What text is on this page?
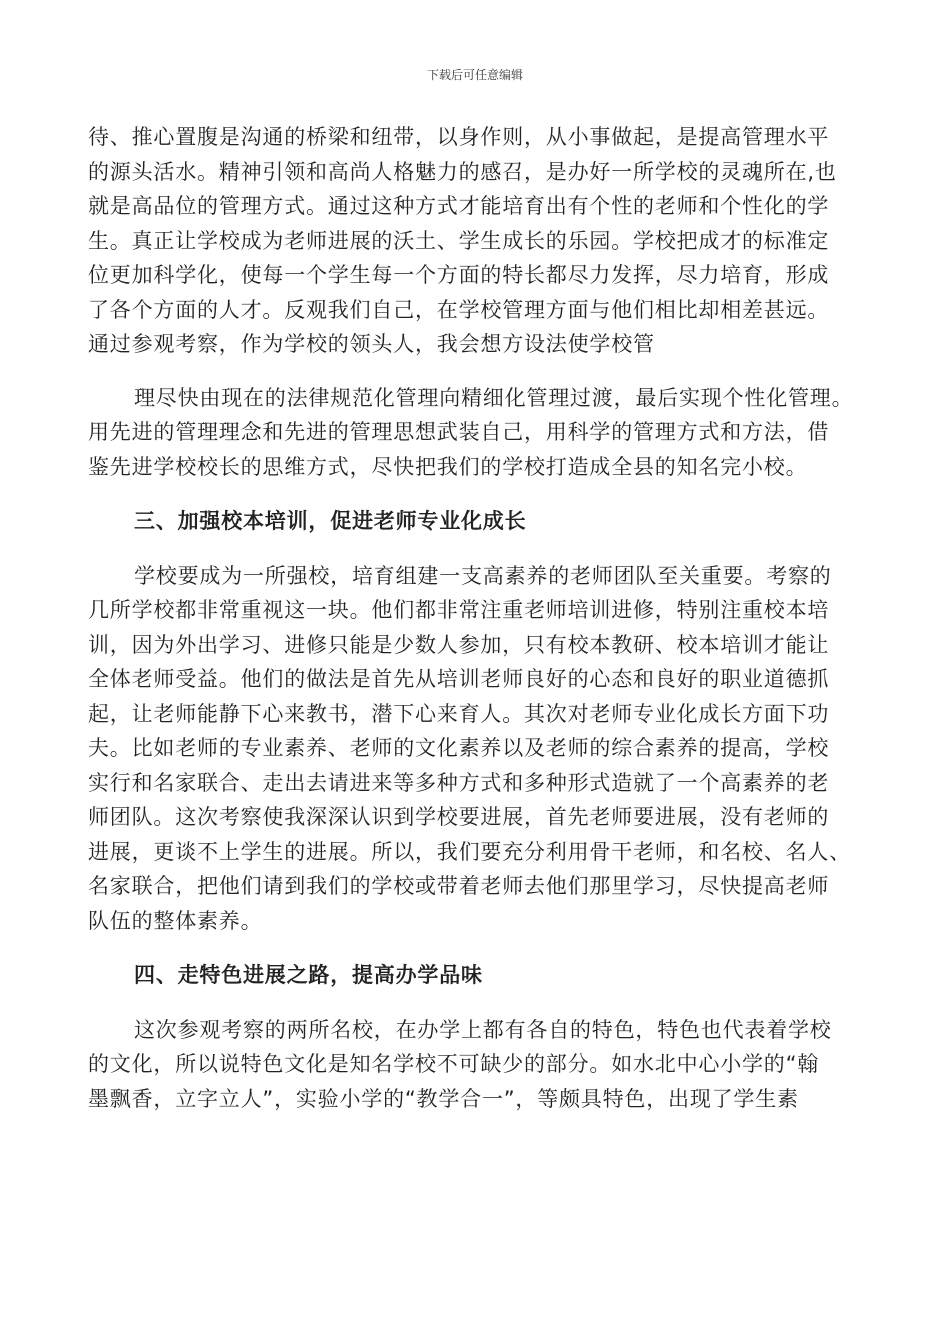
下载后可任意编辑
待、推心置腹是沟通的桥梁和纽带，以身作则，从小事做起，是提高管理水平
的源头活水。精神引领和高尚人格魅力的感召，是办好一所学校的灵魂所在,也
就是高品位的管理方式。通过这种方式才能培育出有个性的老师和个性化的学
生。真正让学校成为老师进展的沃土、学生成长的乐园。学校把成才的标准定
位更加科学化，使每一个学生每一个方面的特长都尽力发挥，尽力培育，形成
了各个方面的人才。反观我们自己，在学校管理方面与他们相比却相差甚远。
通过参观考察，作为学校的领头人，我会想方设法使学校管
理尽快由现在的法律规范化管理向精细化管理过渡，最后实现个性化管理。
用先进的管理理念和先进的管理思想武装自己，用科学的管理方式和方法，借
鉴先进学校校长的思维方式，尽快把我们的学校打造成全县的知名完小校。
三、加强校本培训，促进老师专业化成长
学校要成为一所强校，培育组建一支高素养的老师团队至关重要。考察的
几所学校都非常重视这一块。他们都非常注重老师培训进修，特别注重校本培
训，因为外出学习、进修只能是少数人参加，只有校本教研、校本培训才能让
全体老师受益。他们的做法是首先从培训老师良好的心态和良好的职业道德抓
起，让老师能静下心来教书，潜下心来育人。其次对老师专业化成长方面下功
夫。比如老师的专业素养、老师的文化素养以及老师的综合素养的提高，学校
实行和名家联合、走出去请进来等多种方式和多种形式造就了一个高素养的老
师团队。这次考察使我深深认识到学校要进展，首先老师要进展，没有老师的
进展，更谈不上学生的进展。所以，我们要充分利用骨干老师，和名校、名人、
名家联合，把他们请到我们的学校或带着老师去他们那里学习，尽快提高老师
队伍的整体素养。
四、走特色进展之路，提高办学品味
这次参观考察的两所名校，在办学上都有各自的特色，特色也代表着学校
的文化，所以说特色文化是知名学校不可缺少的部分。如水北中心小学的“翰
墨飘香，立字立人”，实验小学的“教学合一”，等颇具特色，出现了学生素
